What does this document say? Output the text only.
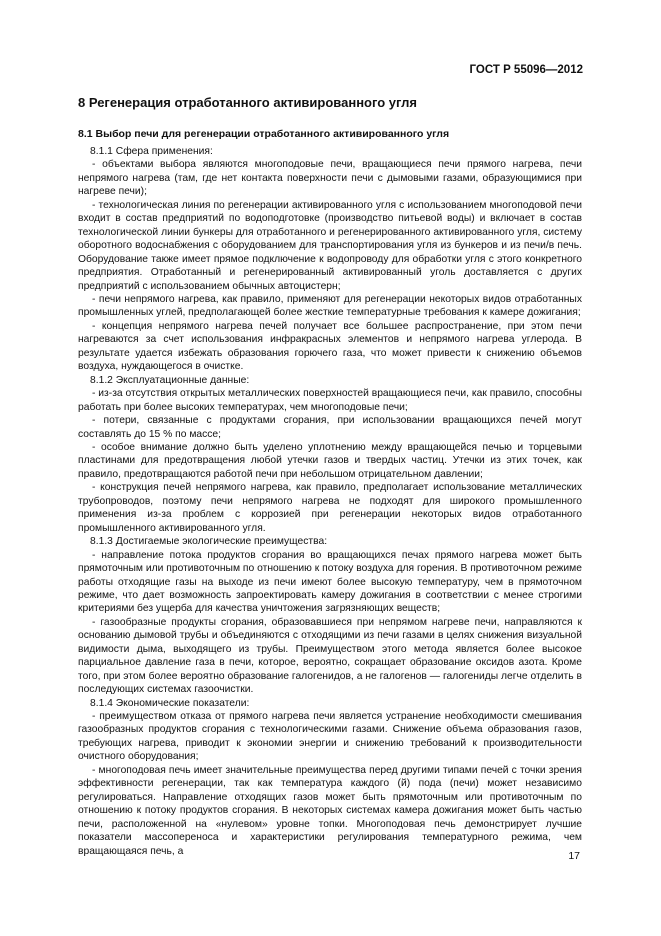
ГОСТ Р 55096—2012
8 Регенерация отработанного активированного угля
8.1 Выбор печи для регенерации отработанного активированного угля

8.1.1 Сфера применения:

- объектами выбора являются многоподовые печи, вращающиеся печи прямого нагрева, печи непрямого нагрева (там, где нет контакта поверхности печи с дымовыми газами, образующимися при нагреве печи);

- технологическая линия по регенерации активированного угля с использованием многоподовой печи входит в состав предприятий по водоподготовке (производство питьевой воды) и включает в состав технологической линии бункеры для отработанного и регенерированного активированного угля, систему оборотного водоснабжения с оборудованием для транспортирования угля из бункеров и из печи/в печь. Оборудование также имеет прямое подключение к водопроводу для обработки угля с этого конкретного предприятия. Отработанный и регенерированный активированный уголь доставляется с других предприятий с использованием обычных автоцистерн;

- печи непрямого нагрева, как правило, применяют для регенерации некоторых видов отработанных промышленных углей, предполагающей более жесткие температурные требования к камере дожигания;

- концепция непрямого нагрева печей получает все большее распространение, при этом печи нагреваются за счет использования инфракрасных элементов и непрямого нагрева углерода. В результате удается избежать образования горючего газа, что может привести к снижению объемов воздуха, нуждающегося в очистке.

8.1.2 Эксплуатационные данные:

- из-за отсутствия открытых металлических поверхностей вращающиеся печи, как правило, способны работать при более высоких температурах, чем многоподовые печи;

- потери, связанные с продуктами сгорания, при использовании вращающихся печей могут составлять до 15 % по массе;

- особое внимание должно быть уделено уплотнению между вращающейся печью и торцевыми пластинами для предотвращения любой утечки газов и твердых частиц. Утечки из этих точек, как правило, предотвращаются работой печи при небольшом отрицательном давлении;

- конструкция печей непрямого нагрева, как правило, предполагает использование металлических трубопроводов, поэтому печи непрямого нагрева не подходят для широкого промышленного применения из-за проблем с коррозией при регенерации некоторых видов отработанного промышленного активированного угля.

8.1.3 Достигаемые экологические преимущества:

- направление потока продуктов сгорания во вращающихся печах прямого нагрева может быть прямоточным или противоточным по отношению к потоку воздуха для горения. В противоточном режиме работы отходящие газы на выходе из печи имеют более высокую температуру, чем в прямоточном режиме, что дает возможность запроектировать камеру дожигания в соответствии с менее строгими критериями без ущерба для качества уничтожения загрязняющих веществ;

- газообразные продукты сгорания, образовавшиеся при непрямом нагреве печи, направляются к основанию дымовой трубы и объединяются с отходящими из печи газами в целях снижения визуальной видимости дыма, выходящего из трубы. Преимуществом этого метода является более высокое парциальное давление газа в печи, которое, вероятно, сокращает образование оксидов азота. Кроме того, при этом более вероятно образование галогенидов, а не галогенов — галогениды легче отделить в последующих системах газоочистки.

8.1.4 Экономические показатели:

- преимуществом отказа от прямого нагрева печи является устранение необходимости смешивания газообразных продуктов сгорания с технологическими газами. Снижение объема образования газов, требующих нагрева, приводит к экономии энергии и снижению требований к производительности очистного оборудования;

- многоподовая печь имеет значительные преимущества перед другими типами печей с точки зрения эффективности регенерации, так как температура каждого (й) пода (печи) может независимо регулироваться. Направление отходящих газов может быть прямоточным или противоточным по отношению к потоку продуктов сгорания. В некоторых системах камера дожигания может быть частью печи, расположенной на «нулевом» уровне топки. Многоподовая печь демонстрирует лучшие показатели массопереноса и характеристики регулирования температурного режима, чем вращающаяся печь, а	17
